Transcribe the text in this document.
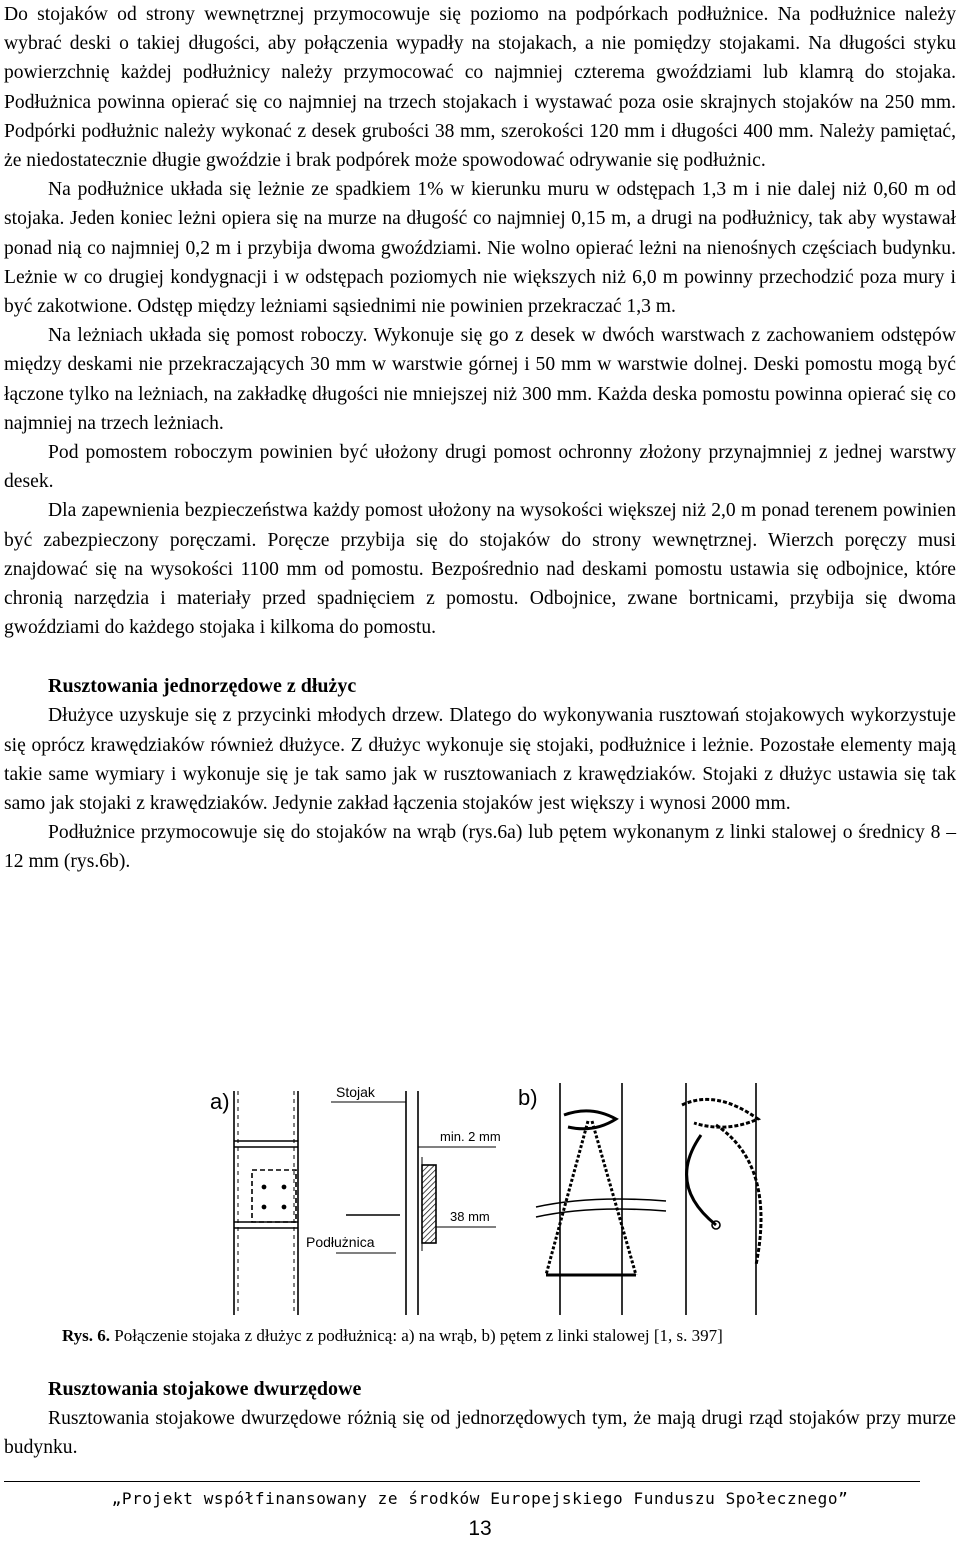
Do stojaków od strony wewnętrznej przymocowuje się poziomo na podpórkach podłużnice. Na podłużnice należy wybrać deski o takiej długości, aby połączenia wypadły na stojakach, a nie pomiędzy stojakami. Na długości styku powierzchnię każdej podłużnicy należy przymocować co najmniej czterema gwoździami lub klamrą do stojaka. Podłużnica powinna opierać się co najmniej na trzech stojakach i wystawać poza osie skrajnych stojaków na 250 mm. Podpórki podłużnic należy wykonać z desek grubości 38 mm, szerokości 120 mm i długości 400 mm. Należy pamiętać, że niedostatecznie długie gwoździe i brak podpórek może spowodować odrywanie się podłużnic.

Na podłużnice układa się leżnie ze spadkiem 1% w kierunku muru w odstępach 1,3 m i nie dalej niż 0,60 m od stojaka. Jeden koniec leżni opiera się na murze na długość co najmniej 0,15 m, a drugi na podłużnicy, tak aby wystawał ponad nią co najmniej 0,2 m i przybija dwoma gwoździami. Nie wolno opierać leżni na nienośnych częściach budynku. Leżnie w co drugiej kondygnacji i w odstępach poziomych nie większych niż 6,0 m powinny przechodzić poza mury i być zakotwione. Odstęp między leżniami sąsiednimi nie powinien przekraczać 1,3 m.

Na leżniach układa się pomost roboczy. Wykonuje się go z desek w dwóch warstwach z zachowaniem odstępów między deskami nie przekraczających 30 mm w warstwie górnej i 50 mm w warstwie dolnej. Deski pomostu mogą być łączone tylko na leżniach, na zakładkę długości nie mniejszej niż 300 mm. Każda deska pomostu powinna opierać się co najmniej na trzech leżniach.

Pod pomostem roboczym powinien być ułożony drugi pomost ochronny złożony przynajmniej z jednej warstwy desek.

Dla zapewnienia bezpieczeństwa każdy pomost ułożony na wysokości większej niż 2,0 m ponad terenem powinien być zabezpieczony poręczami. Poręcze przybija się do stojaków do strony wewnętrznej. Wierzch poręczy musi znajdować się na wysokości 1100 mm od pomostu. Bezpośrednio nad deskami pomostu ustawia się odbojnice, które chronią narzędzia i materiały przed spadnięciem z pomostu. Odbojnice, zwane bortnicami, przybija się dwoma gwoździami do każdego stojaka i kilkoma do pomostu.

Rusztowania jednorzędowe z dłużyc

Dłużyce uzyskuje się z przycinki młodych drzew. Dlatego do wykonywania rusztowań stojakowych wykorzystuje się oprócz krawędziaków również dłużyce. Z dłużyc wykonuje się stojaki, podłużnice i leżnie. Pozostałe elementy mają takie same wymiary i wykonuje się je tak samo jak w rusztowaniach z krawędziaków. Stojaki z dłużyc ustawia się tak samo jak stojaki z krawędziaków. Jedynie zakład łączenia stojaków jest większy i wynosi 2000 mm.

Podłużnice przymocowuje się do stojaków na wrąb (rys.6a) lub pętem wykonanym z linki stalowej o średnicy 8 – 12 mm (rys.6b).

a)	Stojak
min. 2 mm
38 mm
Podłużnica
b)
Rys. 6. Połączenie stojaka z dłużyc z podłużnicą: a) na wrąb, b) pętem z linki stalowej [1, s. 397]
Rusztowania stojakowe dwurzędowe

Rusztowania stojakowe dwurzędowe różnią się od jednorzędowych tym, że mają drugi rząd stojaków przy murze budynku.

„Projekt współfinansowany ze środków Europejskiego Funduszu Społecznego”
13
